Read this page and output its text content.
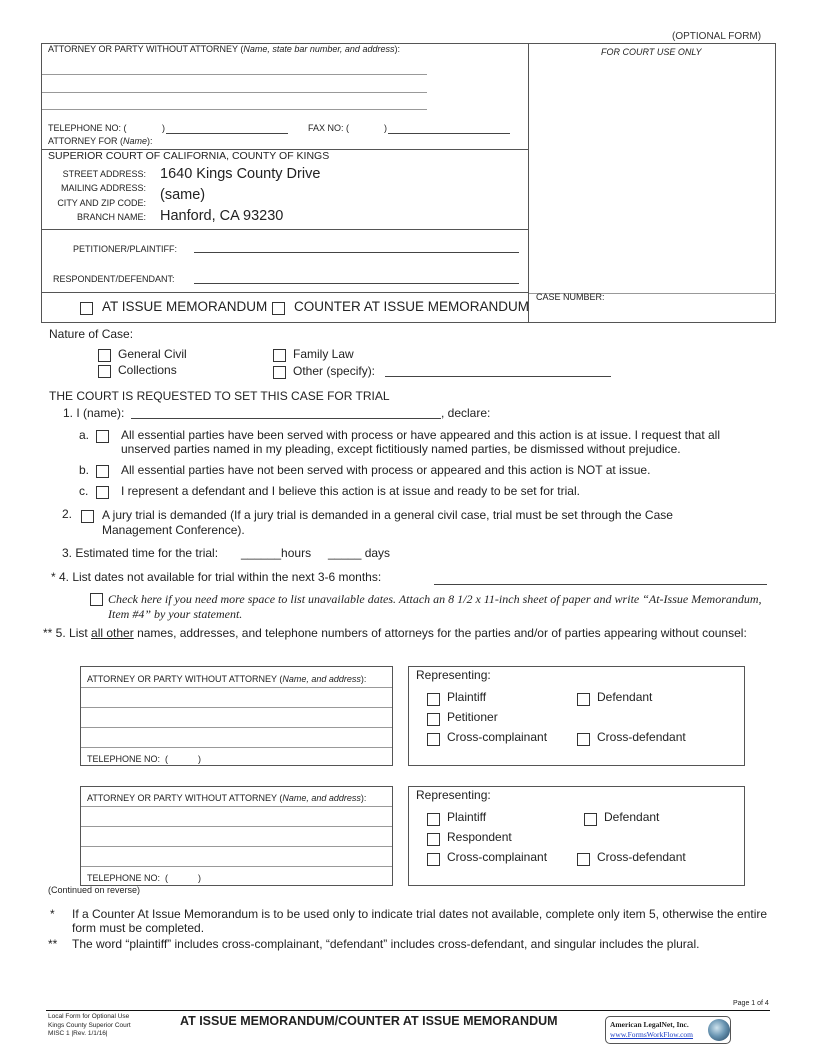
(OPTIONAL FORM)
ATTORNEY OR PARTY WITHOUT ATTORNEY (Name, state bar number, and address):
TELEPHONE NO: (	)	FAX NO: (	)
ATTORNEY FOR (Name):
FOR COURT USE ONLY
CASE NUMBER:
SUPERIOR COURT OF CALIFORNIA, COUNTY OF KINGS
STREET ADDRESS: 1640 Kings County Drive
MAILING ADDRESS: (same)
CITY AND ZIP CODE:
BRANCH NAME: Hanford, CA 93230
PETITIONER/PLAINTIFF:
RESPONDENT/DEFENDANT:
AT ISSUE MEMORANDUM COUNTER AT ISSUE MEMORANDUM
Nature of Case:
General Civil
Collections
Family Law
Other (specify):
THE COURT IS REQUESTED TO SET THIS CASE FOR TRIAL
1. I (name):	, declare:
a.	All essential parties have been served with process or have appeared and this action is at issue. I request that all unserved parties named in my pleading, except fictitiously named parties, be dismissed without prejudice.
b.	All essential parties have not been served with process or appeared and this action is NOT at issue.
c.	I represent a defendant and I believe this action is at issue and ready to be set for trial.
2. A jury trial is demanded (If a jury trial is demanded in a general civil case, trial must be set through the Case Management Conference).
3. Estimated time for the trial: ______hours _____ days
* 4. List dates not available for trial within the next 3-6 months:
Check here if you need more space to list unavailable dates. Attach an 8 1/2 x 11-inch sheet of paper and write “At-Issue Memorandum, Item #4” by your statement.
** 5. List all other names, addresses, and telephone numbers of attorneys for the parties and/or of parties appearing without counsel:
ATTORNEY OR PARTY WITHOUT ATTORNEY (Name, and address):
TELEPHONE NO:  (            )
Representing:
Plaintiff	Defendant
Petitioner
Cross-complainant	Cross-defendant
ATTORNEY OR PARTY WITHOUT ATTORNEY (Name, and address):
TELEPHONE NO:  (            )
Representing:
Plaintiff	Defendant
Respondent
Cross-complainant	Cross-defendant
(Continued on reverse)
* If a Counter At Issue Memorandum is to be used only to indicate trial dates not available, complete only item 5, otherwise the entire form must be completed.
** The word “plaintiff” includes cross-complainant, “defendant” includes cross-defendant, and singular includes the plural.
Page 1 of 4
Local Form for Optional Use
Kings County Superior Court
MISC 1 |Rev. 1/1/16|
AT ISSUE MEMORANDUM/COUNTER AT ISSUE MEMORANDUM	American LegalNet, Inc.
www.FormsWorkFlow.com
